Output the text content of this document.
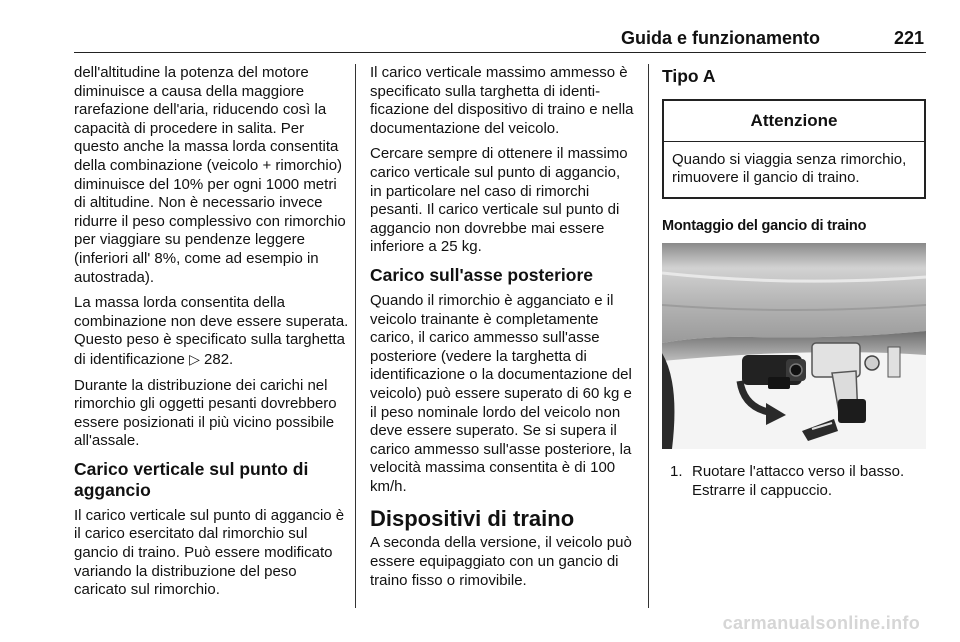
Guida e funzionamento	221

dell'altitudine la potenza del motore diminuisce a causa della maggiore rarefazione dell'aria, riducendo così la capacità di procedere in salita. Per questo anche la massa lorda consentita della combinazione (veicolo + rimorchio) diminuisce del 10% per ogni 1000 metri di altitudine. Non è necessario invece ridurre il peso complessivo con rimorchio per viaggiare su pendenze leggere (inferiori all' 8%, come ad esempio in autostrada).

La massa lorda consentita della combinazione non deve essere superata. Questo peso è specificato sulla targhetta di identificazione ▷ 282.

Durante la distribuzione dei carichi nel rimorchio gli oggetti pesanti dovrebbero essere posizionati il più vicino possibile all'assale.

Carico verticale sul punto di aggancio

Il carico verticale sul punto di aggancio è il carico esercitato dal rimorchio sul gancio di traino. Può essere modificato variando la distribuzione del peso caricato sul rimorchio.

Il carico verticale massimo ammesso è specificato sulla targhetta di identificazione del dispositivo di traino e nella documentazione del veicolo.

Cercare sempre di ottenere il massimo carico verticale sul punto di aggancio, in particolare nel caso di rimorchi pesanti. Il carico verticale sul punto di aggancio non dovrebbe mai essere inferiore a 25 kg.

Carico sull'asse posteriore

Quando il rimorchio è agganciato e il veicolo trainante è completamente carico, il carico ammesso sull'asse posteriore (vedere la targhetta di identificazione o la documentazione del veicolo) può essere superato di 60 kg e il peso nominale lordo del veicolo non deve essere superato. Se si supera il carico ammesso sull'asse posteriore, la velocità massima consentita è di 100 km/h.

Dispositivi di traino

A seconda della versione, il veicolo può essere equipaggiato con un gancio di traino fisso o rimovibile.

Tipo A
Attenzione
Quando si viaggia senza rimorchio, rimuovere il gancio di traino.
Montaggio del gancio di traino
1. Ruotare l'attacco verso il basso. Estrarre il cappuccio.
carmanualsonline.info
